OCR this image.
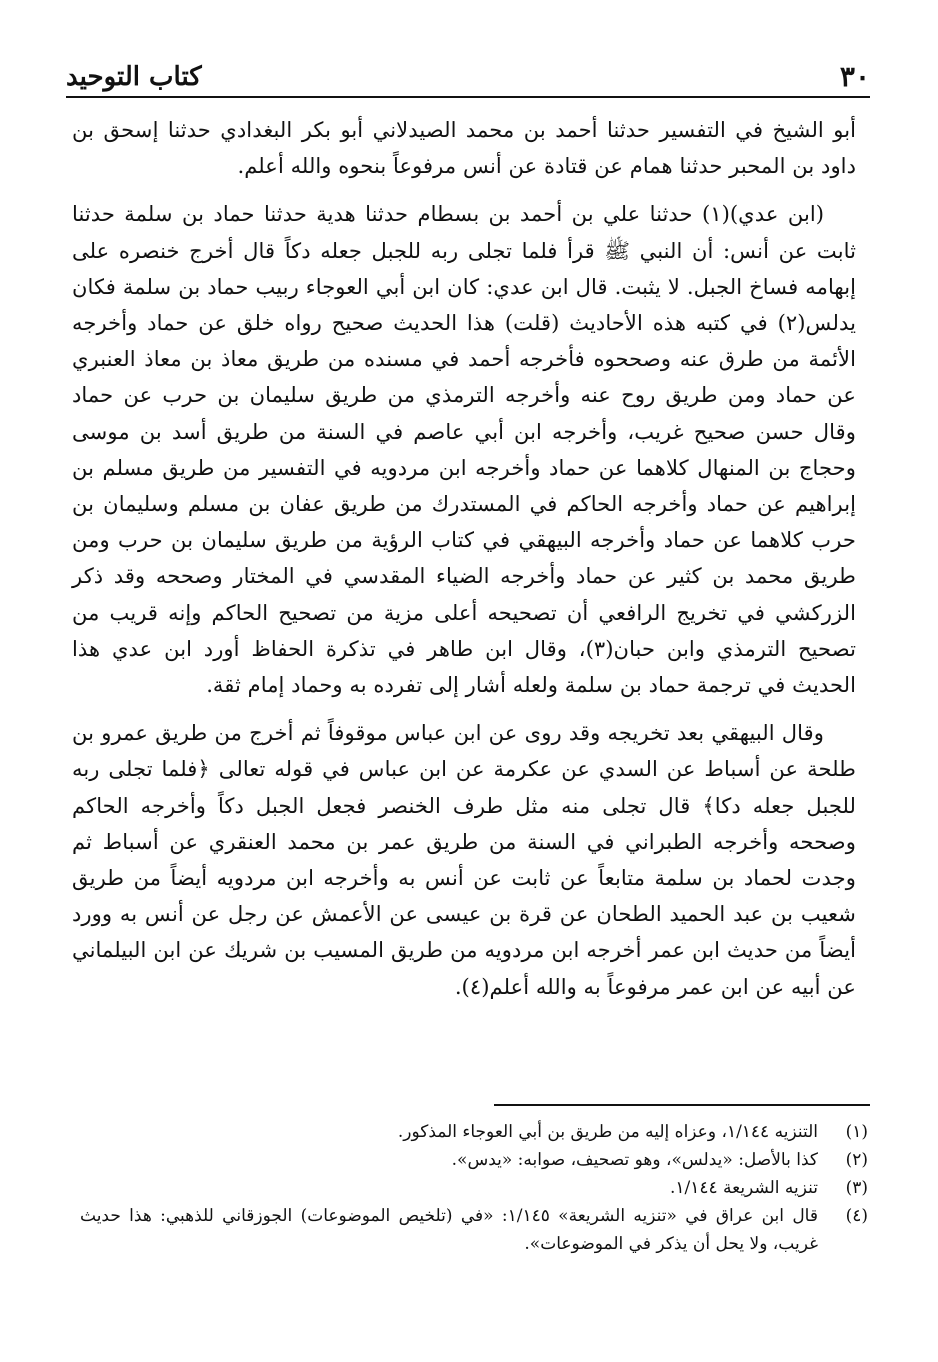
كتاب التوحيد	٣٠

أبو الشيخ في التفسير حدثنا أحمد بن محمد الصيدلاني أبو بكر البغدادي حدثنا إسحق بن داود بن المحبر حدثنا همام عن قتادة عن أنس مرفوعاً بنحوه والله أعلم.

(ابن عدي)(١) حدثنا علي بن أحمد بن بسطام حدثنا هدية حدثنا حماد بن سلمة حدثنا ثابت عن أنس: أن النبي ﷺ قرأ فلما تجلى ربه للجبل جعله دكاً قال أخرج خنصره على إبهامه فساخ الجبل. لا يثبت. قال ابن عدي: كان ابن أبي العوجاء ربيب حماد بن سلمة فكان يدلس(٢) في كتبه هذه الأحاديث (قلت) هذا الحديث صحيح رواه خلق عن حماد وأخرجه الأئمة من طرق عنه وصححوه فأخرجه أحمد في مسنده من طريق معاذ بن معاذ العنبري عن حماد ومن طريق روح عنه وأخرجه الترمذي من طريق سليمان بن حرب عن حماد وقال حسن صحيح غريب، وأخرجه ابن أبي عاصم في السنة من طريق أسد بن موسى وحجاج بن المنهال كلاهما عن حماد وأخرجه ابن مردويه في التفسير من طريق مسلم بن إبراهيم عن حماد وأخرجه الحاكم في المستدرك من طريق عفان بن مسلم وسليمان بن حرب كلاهما عن حماد وأخرجه البيهقي في كتاب الرؤية من طريق سليمان بن حرب ومن طريق محمد بن كثير عن حماد وأخرجه الضياء المقدسي في المختار وصححه وقد ذكر الزركشي في تخريج الرافعي أن تصحيحه أعلى مزية من تصحيح الحاكم وإنه قريب من تصحيح الترمذي وابن حبان(٣)، وقال ابن طاهر في تذكرة الحفاظ أورد ابن عدي هذا الحديث في ترجمة حماد بن سلمة ولعله أشار إلى تفرده به وحماد إمام ثقة.

وقال البيهقي بعد تخريجه وقد روى عن ابن عباس موقوفاً ثم أخرج من طريق عمرو بن طلحة عن أسباط عن السدي عن عكرمة عن ابن عباس في قوله تعالى ﴿فلما تجلى ربه للجبل جعله دكا﴾ قال تجلى منه مثل طرف الخنصر فجعل الجبل دكاً وأخرجه الحاكم وصححه وأخرجه الطبراني في السنة من طريق عمر بن محمد العنقري عن أسباط ثم وجدت لحماد بن سلمة متابعاً عن ثابت عن أنس به وأخرجه ابن مردويه أيضاً من طريق شعيب بن عبد الحميد الطحان عن قرة بن عيسى عن الأعمش عن رجل عن أنس به وورد أيضاً من حديث ابن عمر أخرجه ابن مردويه من طريق المسيب بن شريك عن ابن البيلماني عن أبيه عن ابن عمر مرفوعاً به والله أعلم(٤).

(١)
التنزيه ١/١٤٤، وعزاه إليه من طريق بن أبي العوجاء المذكور.
(٢)
كذا بالأصل: «يدلس»، وهو تصحيف، صوابه: «يدس».
(٣)
تنزيه الشريعة ١/١٤٤.
(٤)
قال ابن عراق في «تنزيه الشريعة» ١/١٤٥: «في (تلخيص الموضوعات) الجوزقاني للذهبي: هذا حديث غريب، ولا يحل أن يذكر في الموضوعات».
